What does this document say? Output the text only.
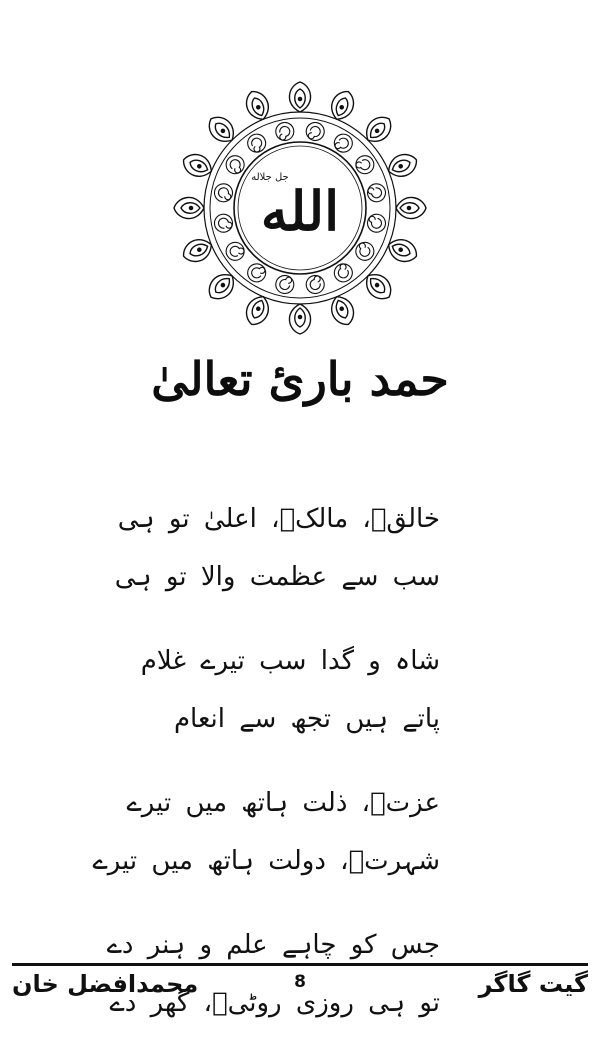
الله
جل جلاله
حمد باریٔ تعالیٰ
خالقؔ، مالکؔ، اعلیٰ تو ہی
سب سے عظمت والا تو ہی
شاہ و گدا سب تیرے غلام
پاتے ہیں تجھ سے انعام
عزتؔ، ذلت ہاتھ میں تیرے
شہرتؔ، دولت ہاتھ میں تیرے
جس کو چاہے علم و ہنر دے
تو ہی روزی روٹیؔ، گھر دے
محمدافضل خان	8	گیت گاگر
